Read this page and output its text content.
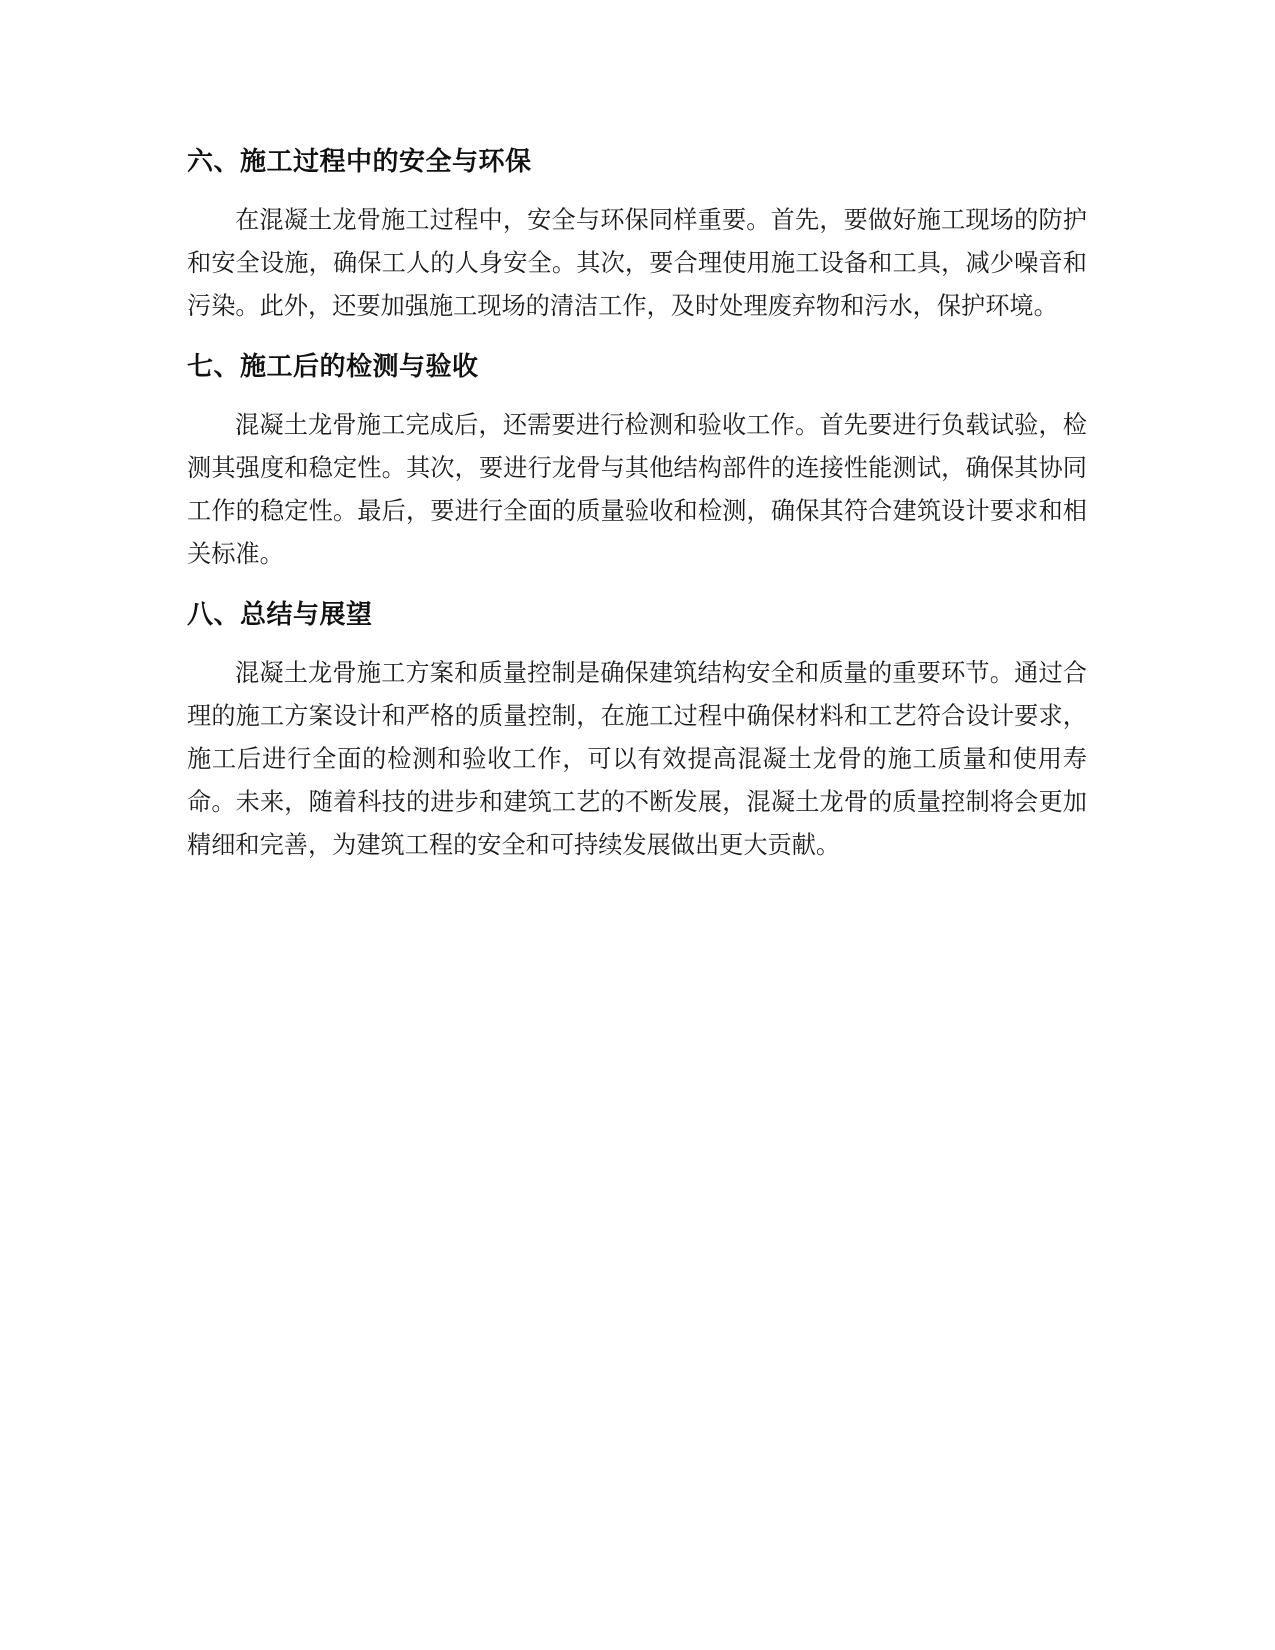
六、施工过程中的安全与环保

在混凝土龙骨施工过程中，安全与环保同样重要。首先，要做好施工现场的防护和安全设施，确保工人的人身安全。其次，要合理使用施工设备和工具，减少噪音和污染。此外，还要加强施工现场的清洁工作，及时处理废弃物和污水，保护环境。

七、施工后的检测与验收

混凝土龙骨施工完成后，还需要进行检测和验收工作。首先要进行负载试验，检测其强度和稳定性。其次，要进行龙骨与其他结构部件的连接性能测试，确保其协同工作的稳定性。最后，要进行全面的质量验收和检测，确保其符合建筑设计要求和相关标准。

八、总结与展望

混凝土龙骨施工方案和质量控制是确保建筑结构安全和质量的重要环节。通过合理的施工方案设计和严格的质量控制，在施工过程中确保材料和工艺符合设计要求，施工后进行全面的检测和验收工作，可以有效提高混凝土龙骨的施工质量和使用寿命。未来，随着科技的进步和建筑工艺的不断发展，混凝土龙骨的质量控制将会更加精细和完善，为建筑工程的安全和可持续发展做出更大贡献。
